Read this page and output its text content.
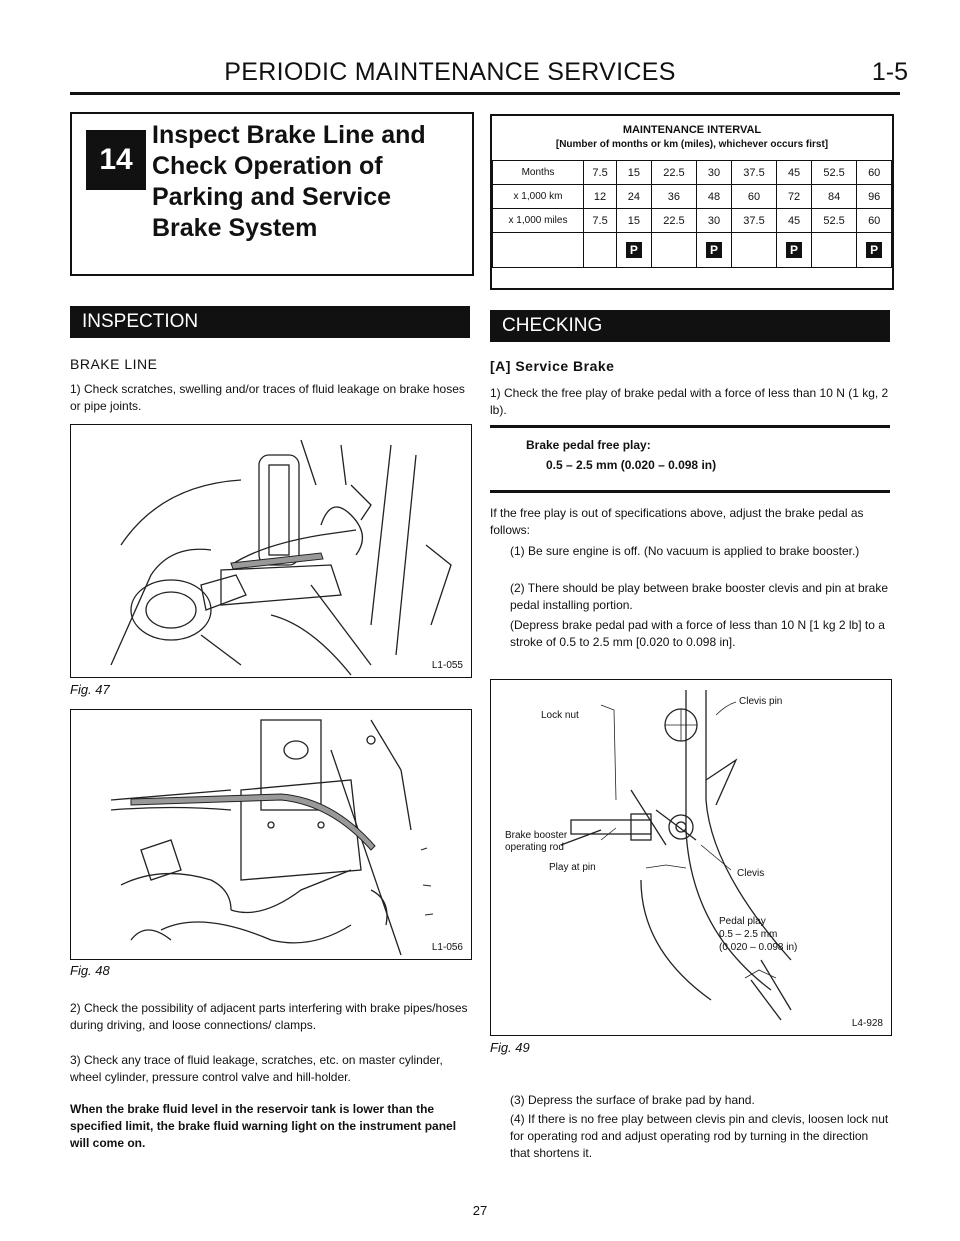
PERIODIC MAINTENANCE SERVICES	1-5
14
Inspect Brake Line and
Check Operation of
Parking and Service
Brake System
MAINTENANCE INTERVAL
[Number of months or km (miles), whichever occurs first]
Months	7.5	15	22.5	30	37.5	45	52.5	60
x 1,000 km	12	24	36	48	60	72	84	96
x 1,000 miles	7.5	15	22.5	30	37.5	45	52.5	60
		P		P		P		P
INSPECTION
BRAKE LINE
1) Check scratches, swelling and/or traces of fluid leakage on brake hoses or pipe joints.
L1-055
Fig. 47
L1-056
Fig. 48
2) Check the possibility of adjacent parts interfering with brake pipes/hoses during driving, and loose connections/ clamps.
3) Check any trace of fluid leakage, scratches, etc. on master cylinder, wheel cylinder, pressure control valve and hill-holder.
When the brake fluid level in the reservoir tank is lower than the specified limit, the brake fluid warning light on the instrument panel will come on.
CHECKING
[A] Service Brake
1) Check the free play of brake pedal with a force of less than 10 N (1 kg, 2 lb).
Brake pedal free play:
0.5 – 2.5 mm (0.020 – 0.098 in)
If the free play is out of specifications above, adjust the brake pedal as follows:
(1) Be sure engine is off. (No vacuum is applied to brake booster.)
(2) There should be play between brake booster clevis and pin at brake pedal installing portion.
(Depress brake pedal pad with a force of less than 10 N [1 kg 2 lb] to a stroke of 0.5 to 2.5 mm [0.020 to 0.098 in].
Lock nut
Clevis pin
Brake booster
operating rod
Play at pin
Clevis
Pedal play
0.5 – 2.5 mm
(0.020 – 0.098 in)
L4-928
Fig. 49
(3) Depress the surface of brake pad by hand.
(4) If there is no free play between clevis pin and clevis, loosen lock nut for operating rod and adjust operating rod by turning in the direction that shortens it.
27
